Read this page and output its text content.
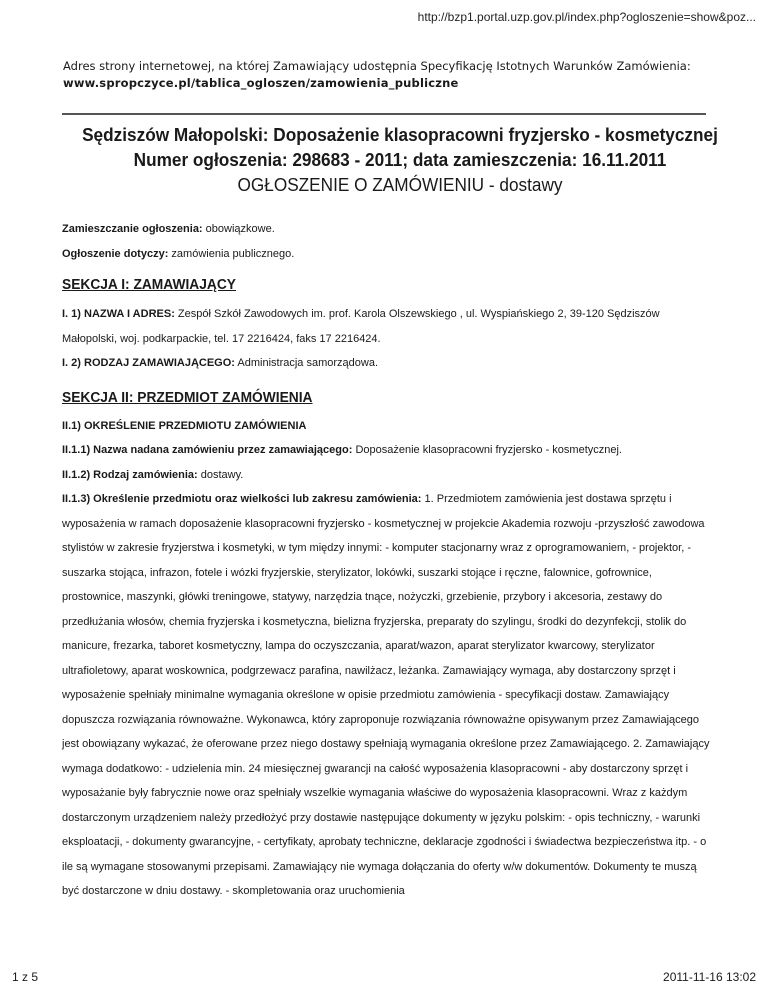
http://bzp1.portal.uzp.gov.pl/index.php?ogloszenie=show&poz...
Adres strony internetowej, na której Zamawiający udostępnia Specyfikację Istotnych Warunków Zamówienia:
www.spropczyce.pl/tablica_ogloszen/zamowienia_publiczne
Sędziszów Małopolski: Doposażenie klasopracowni fryzjersko - kosmetycznej
Numer ogłoszenia: 298683 - 2011; data zamieszczenia: 16.11.2011
OGŁOSZENIE O ZAMÓWIENIU - dostawy
Zamieszczanie ogłoszenia: obowiązkowe.
Ogłoszenie dotyczy: zamówienia publicznego.
SEKCJA I: ZAMAWIAJĄCY
I. 1) NAZWA I ADRES: Zespół Szkół Zawodowych im. prof. Karola Olszewskiego , ul. Wyspiańskiego 2, 39-120 Sędziszów Małopolski, woj. podkarpackie, tel. 17 2216424, faks 17 2216424.
I. 2) RODZAJ ZAMAWIAJĄCEGO: Administracja samorządowa.
SEKCJA II: PRZEDMIOT ZAMÓWIENIA
II.1) OKREŚLENIE PRZEDMIOTU ZAMÓWIENIA
II.1.1) Nazwa nadana zamówieniu przez zamawiającego: Doposażenie klasopracowni fryzjersko - kosmetycznej.
II.1.2) Rodzaj zamówienia: dostawy.
II.1.3) Określenie przedmiotu oraz wielkości lub zakresu zamówienia: 1. Przedmiotem zamówienia jest dostawa sprzętu i wyposażenia w ramach doposażenie klasopracowni fryzjersko - kosmetycznej w projekcie Akademia rozwoju -przyszłość zawodowa stylistów w zakresie fryzjerstwa i kosmetyki, w tym między innymi: - komputer stacjonarny wraz z oprogramowaniem, - projektor, - suszarka stojąca, infrazon, fotele i wózki fryzjerskie, sterylizator, lokówki, suszarki stojące i ręczne, falownice, gofrownice, prostownice, maszynki, główki treningowe, statywy, narzędzia tnące, nożyczki, grzebienie, przybory i akcesoria, zestawy do przedłużania włosów, chemia fryzjerska i kosmetyczna, bielizna fryzjerska, preparaty do szylingu, środki do dezynfekcji, stolik do manicure, frezarka, taboret kosmetyczny, lampa do oczyszczania, aparat/wazon, aparat sterylizator kwarcowy, sterylizator ultrafioletowy, aparat woskownica, podgrzewacz parafina, nawilżacz, leżanka. Zamawiający wymaga, aby dostarczony sprzęt i wyposażenie spełniały minimalne wymagania określone w opisie przedmiotu zamówienia - specyfikacji dostaw. Zamawiający dopuszcza rozwiązania równoważne. Wykonawca, który zaproponuje rozwiązania równoważne opisywanym przez Zamawiającego jest obowiązany wykazać, że oferowane przez niego dostawy spełniają wymagania określone przez Zamawiającego. 2. Zamawiający wymaga dodatkowo: - udzielenia min. 24 miesięcznej gwarancji na całość wyposażenia klasopracowni - aby dostarczony sprzęt i wyposażanie były fabrycznie nowe oraz spełniały wszelkie wymagania właściwe do wyposażenia klasopracowni. Wraz z każdym dostarczonym urządzeniem należy przedłożyć przy dostawie następujące dokumenty w języku polskim: - opis techniczny, - warunki eksploatacji, - dokumenty gwarancyjne, - certyfikaty, aprobaty techniczne, deklaracje zgodności i świadectwa bezpieczeństwa itp. - o ile są wymagane stosowanymi przepisami. Zamawiający nie wymaga dołączania do oferty w/w dokumentów. Dokumenty te muszą być dostarczone w dniu dostawy. - skompletowania oraz uruchomienia
1 z 5	2011-11-16 13:02
